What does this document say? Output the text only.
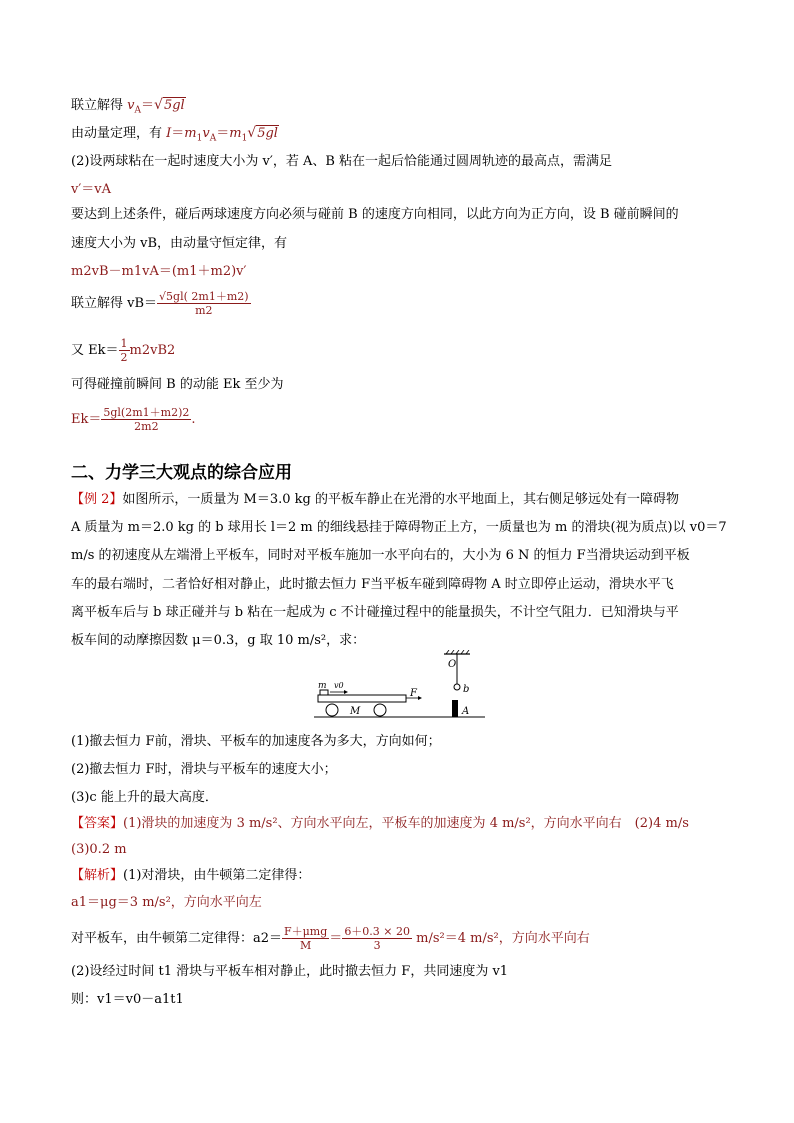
联立解得 $v_A=√5gl$
由动量定理，有 $I=m_1v_A=m_1√5gl$
(2)设两球粘在一起时速度大小为 v′，若 A、B 粘在一起后恰能通过圆周轨迹的最高点，需满足
v′＝vA
要达到上述条件，碰后两球速度方向必须与碰前 B 的速度方向相同，以此方向为正方向，设 B 碰前瞬间的
速度大小为 vB，由动量守恒定律，有
m2vB－m1vA＝(m1＋m2)v′
联立解得 $vB= \frac{√5gl( 2m1+m2)}{m2}$
又 $Ek= \frac{1}{2} m2vB2$
可得碰撞前瞬间 B 的动能 Ek 至少为
$Ek= \frac{5gl(2m1+m2)2}{2m2}$ .
二、力学三大观点的综合应用
【例 2】如图所示，一质量为 M＝3.0 kg 的平板车静止在光滑的水平地面上，其右侧足够远处有一障碍物
A 质量为 m＝2.0 kg 的 b 球用长 l＝2 m 的细线悬挂于障碍物正上方，一质量也为 m 的滑块(视为质点)以 v0＝7
m/s 的初速度从左端滑上平板车，同时对平板车施加一水平向右的，大小为 6 N 的恒力 F当滑块运动到平板
车的最右端时，二者恰好相对静止，此时撤去恒力 F当平板车碰到障碍物 A 时立即停止运动，滑块水平飞
离平板车后与 b 球正碰并与 b 粘在一起成为 c 不计碰撞过程中的能量损失，不计空气阻力．已知滑块与平
板车间的动摩擦因数 μ＝0.3，g 取 10 m/s²，求：
O
b
A
M
m v0
F
(1)撤去恒力 F前，滑块、平板车的加速度各为多大，方向如何；
(2)撤去恒力 F时，滑块与平板车的速度大小；
(3)c 能上升的最大高度．
【答案】(1)滑块的加速度为 3 m/s²、方向水平向左，平板车的加速度为 4 m/s²，方向水平向右　(2)4 m/s
(3)0.2 m
【解析】(1)对滑块，由牛顿第二定律得：
a1＝μg＝3 m/s²，方向水平向左
对平板车，由牛顿第二定律得：$a2= \frac{\text{F＋μmg}}{M} = \frac{6+0.3 \times 20}{3} m/s^2=4$ m/s²，方向水平向右
(2)设经过时间 t1 滑块与平板车相对静止，此时撤去恒力 F，共同速度为 v1
则：v1＝v0－a1t1
